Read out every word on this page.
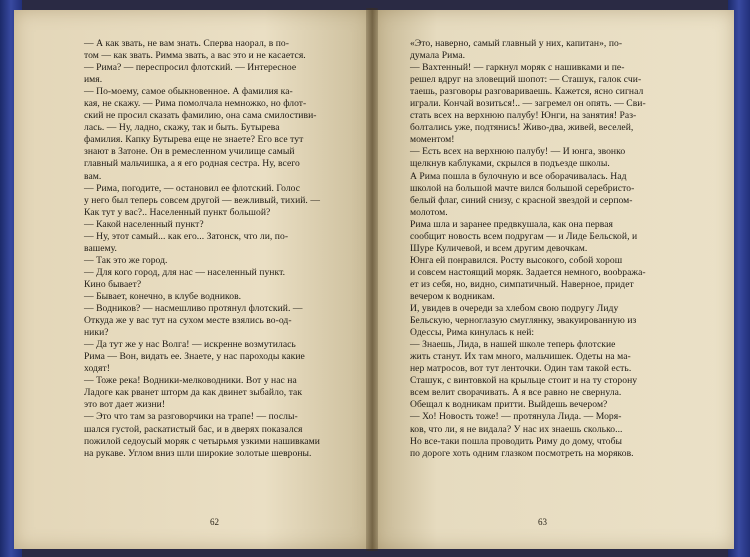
— А как звать, не вам знать. Сперва наорал, в по-

том — как звать. Римма звать, а вас это и не касается.

— Рима? — переспросил флотский. — Интересное

имя.

— По-моему, самое обыкновенное. А фамилия ка-

кая, не скажу. — Рима помолчала немножко, но флот-

ский не просил сказать фамилию, она сама смилостиви-

лась. — Ну, ладно, скажу, так и быть. Бутырева

фамилия. Капку Бутырева еще не знаете? Его все тут

знают в Затоне. Он в ремесленном училище самый

главный мальчишка, а я его родная сестра. Ну, всего

вам.

— Рима, погодите, — остановил ее флотский. Голос

у него был теперь совсем другой — вежливый, тихий. —

Как тут у вас?.. Населенный пункт большой?

— Какой населенный пункт?

— Ну, этот самый... как его... Затонск, что ли, по-

вашему.

— Так это же город.

— Для кого город, для нас — населенный пункт.

Кино бывает?

— Бывает, конечно, в клубе водников.

— Водников? — насмешливо протянул флотский. —

Откуда же у вас тут на сухом месте взялись во-од-

ники?

— Да тут же у нас Волга! — искренне возмутилась

Рима — Вон, видать ее. Знаете, у нас пароходы какие

ходят!

— Тоже река! Водники-мелководники. Вот у нас на

Ладоге как рванет шторм да как двинет зыбайло, так

это вот дает жизни!

— Это что там за разговорчики на трапе! — послы-

шался густой, раскатистый бас, и в дверях показался

пожилой седоусый моряк с четырьмя узкими нашивками

на рукаве. Углом вниз шли широкие золотые шевроны.

62

«Это, наверно, самый главный у них, капитан», по-

думала Рима.

— Вахтенный! — гаркнул моряк с нашивками и пе-

решел вдруг на зловещий шопот: — Сташук, галок счи-

таешь, разговоры разговариваешь. Кажется, ясно сигнал

играли. Кончай возиться!.. — загремел он опять. — Сви-

стать всех на верхнюю палубу! Юнги, на занятия! Раз-

болтались уже, подтянись! Живо-два, живей, веселей,

моментом!

— Есть всех на верхнюю палубу! — И юнга, звонко

щелкнув каблуками, скрылся в подъезде школы.

А Рима пошла в булочную и все оборачивалась. Над

школой на большой мачте вился большой серебристо-

белый флаг, синий снизу, с красной звездой и серпом-

молотом.

Рима шла и заранее предвкушала, как она первая

сообщит новость всем подругам — и Лиде Бельской, и

Шуре Куличевой, и всем другим девочкам.

Юнга ей понравился. Росту высокого, собой хорош

и совсем настоящий моряк. Задается немного, воobража-

ет из себя, но, видно, симпатичный. Наверное, придет

вечером к водникам.

И, увидев в очереди за хлебом свою подругу Лиду

Бельскую, черноглазую смуглянку, эвакуированную из

Одессы, Рима кинулась к ней:

— Знаешь, Лида, в нашей школе теперь флотские

жить станут. Их там много, мальчишек. Одеты на ма-

нер матросов, вот тут ленточки. Один там такой есть.

Сташук, с винтовкой на крыльце стоит и на ту сторону

всем велит сворачивать. А я все равно не свернула.

Обещал к водникам притти. Выйдешь вечером?

— Хо! Новость тоже! — протянула Лида. — Моря-

ков, что ли, я не видала? У нас их знаешь сколько...

Но все-таки пошла проводить Риму до дому, чтобы

по дороге хоть одним глазком посмотреть на моряков.

63
